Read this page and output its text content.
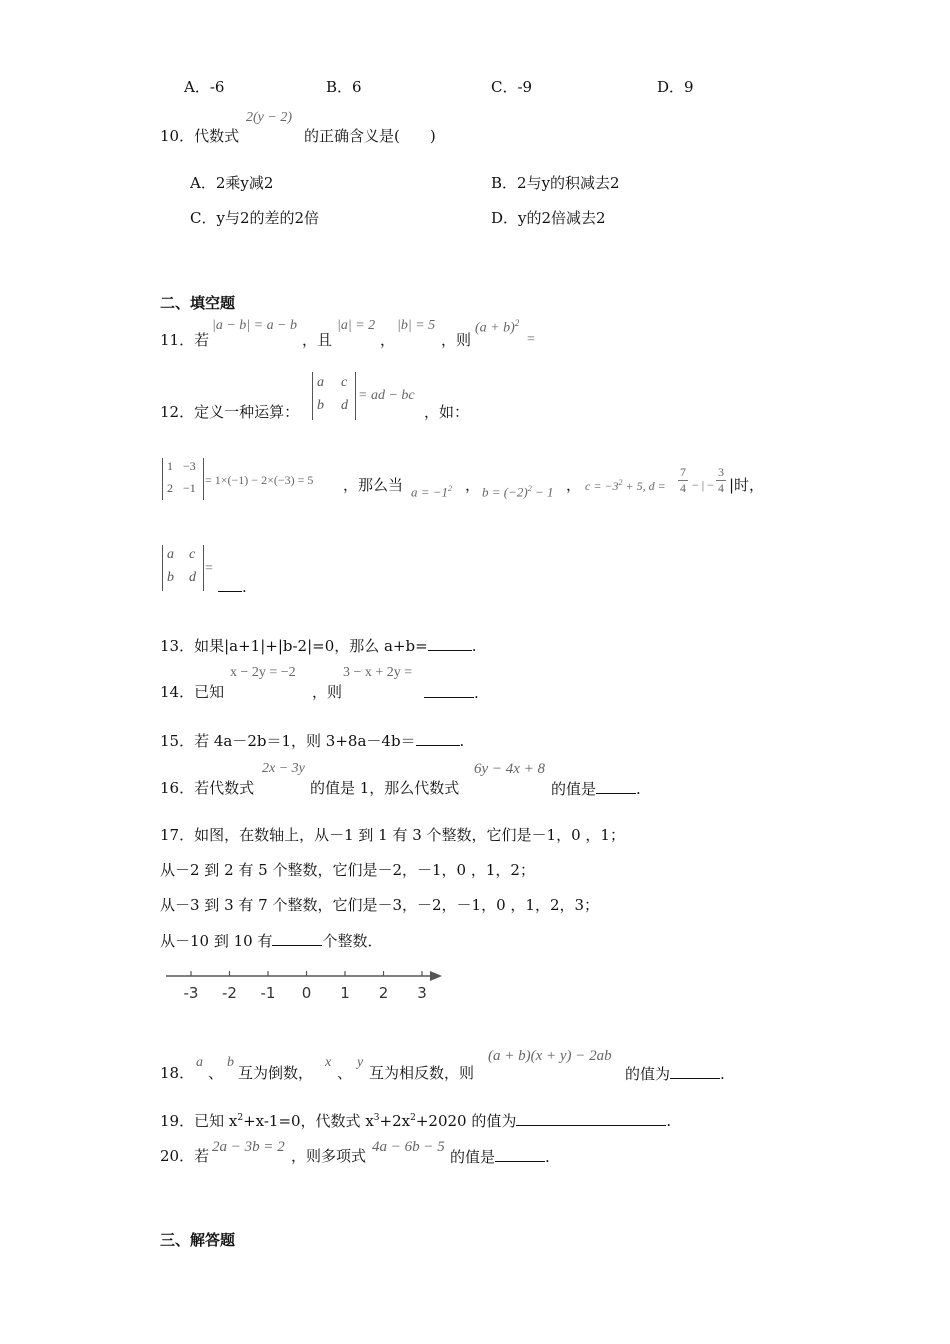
A．-6	B．6	C．-9	D．9
10．代数式
2(y − 2)
的正确含义是(　　)
A．2乘y减2	B．2与y的积减去2
C．y与2的差的2倍	D．y的2倍减去2
二、填空题
11．若
|a − b| = a − b
，且
|a| = 2
，
|b| = 5
，则
$(a + b)^2$
=
12．定义一种运算：
a c
b d
= ad − bc
，如：
1 −3
2 −1
= 1×(−1) − 2×(−3) = 5 ，那么当 $a = -1^2$ ， $b = (-2)^2 - 1$ ， $c = -3^2 + 5$, $d = \frac{7}{4}$ − | − $\frac{3}{4}$ |时，
a c
b d
=
.
13．如果|a+1|+|b-2|=0，那么 a+b=	.
14．已知
x − 2y = −2
，则
3 − x + 2y =
.
15．若 4a－2b＝1，则 3+8a－4b＝	.
16．若代数式
2x − 3y
的值是 1，那么代数式
6y − 4x + 8
的值是	.
17．如图，在数轴上，从－1 到 1 有 3 个整数，它们是－1，0 ，1；
从－2 到 2 有 5 个整数，它们是－2，－1，0 ，1，2；
从－3 到 3 有 7 个整数，它们是－3，－2，－1，0 ，1，2，3；
从－10 到 10 有	个整数．
-3 -2 -1 0 1 2 3
18．
a
、
b
互为倒数，
x
、
y
互为相反数，则
(a + b)(x + y) − 2ab
的值为	.
19．已知 $x^2+x-1=0$，代数式 $x^3+2x^2+2020$ 的值为	.
20．若 2a − 3b = 2 ，则多项式 4a − 6b − 5
的值是	.
三、解答题
